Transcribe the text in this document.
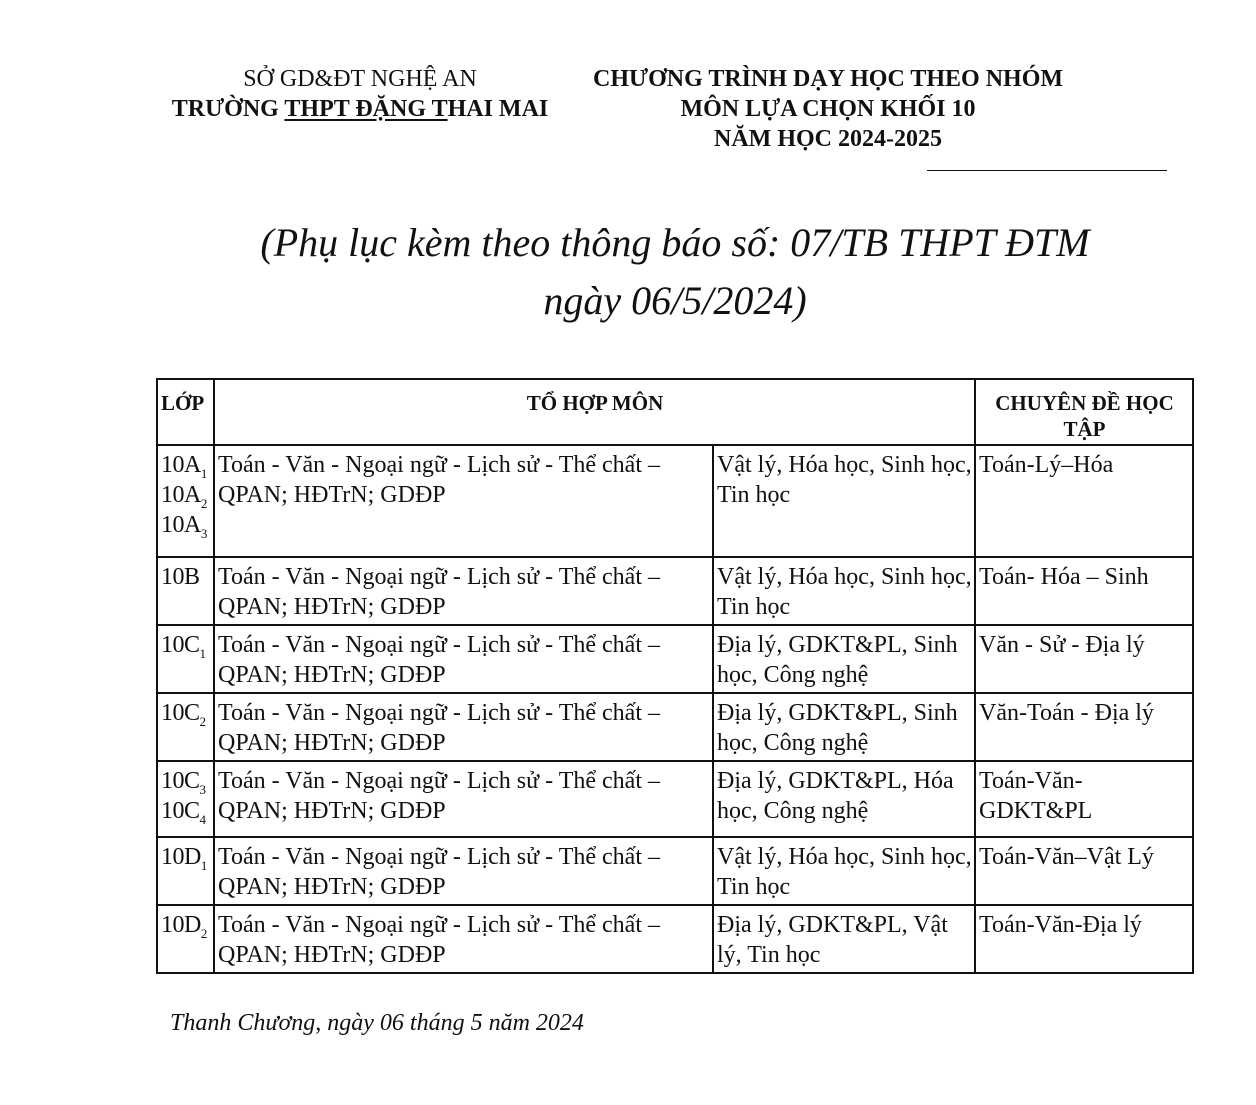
SỞ GD&ĐT NGHỆ AN
TRƯỜNG THPT ĐẶNG THAI MAI
CHƯƠNG TRÌNH DẠY HỌC THEO NHÓM
MÔN LỰA CHỌN KHỐI 10
NĂM HỌC 2024-2025
(Phụ lục kèm theo thông báo số: 07/TB THPT ĐTM
ngày 06/5/2024)
LỚP	TỔ HỢP MÔN		CHUYÊN ĐỀ HỌC TẬP

$10A_1$
$10A_2$
$10A_3$	Toán - Văn - Ngoại ngữ - Lịch sử - Thể chất – QPAN; HĐTrN; GDĐP	Vật lý, Hóa học, Sinh học, Tin học	Toán-Lý–Hóa

10B	Toán - Văn - Ngoại ngữ - Lịch sử - Thể chất – QPAN; HĐTrN; GDĐP	Vật lý, Hóa học, Sinh học, Tin học	Toán- Hóa – Sinh

$10C_1$	Toán - Văn - Ngoại ngữ - Lịch sử - Thể chất – QPAN; HĐTrN; GDĐP	Địa lý, GDKT&PL, Sinh học, Công nghệ	Văn - Sử - Địa lý

$10C_2$	Toán - Văn - Ngoại ngữ - Lịch sử - Thể chất – QPAN; HĐTrN; GDĐP	Địa lý, GDKT&PL, Sinh học, Công nghệ	Văn-Toán - Địa lý

$10C_3$
$10C_4$	Toán - Văn - Ngoại ngữ - Lịch sử - Thể chất – QPAN; HĐTrN; GDĐP	Địa lý, GDKT&PL, Hóa học, Công nghệ	Toán-Văn- GDKT&PL

$10D_1$	Toán - Văn - Ngoại ngữ - Lịch sử - Thể chất – QPAN; HĐTrN; GDĐP	Vật lý, Hóa học, Sinh học, Tin học	Toán-Văn–Vật Lý

$10D_2$	Toán - Văn - Ngoại ngữ - Lịch sử - Thể chất – QPAN; HĐTrN; GDĐP	Địa lý, GDKT&PL, Vật lý, Tin học	Toán-Văn-Địa lý
Thanh Chương, ngày 06 tháng 5 năm 2024
